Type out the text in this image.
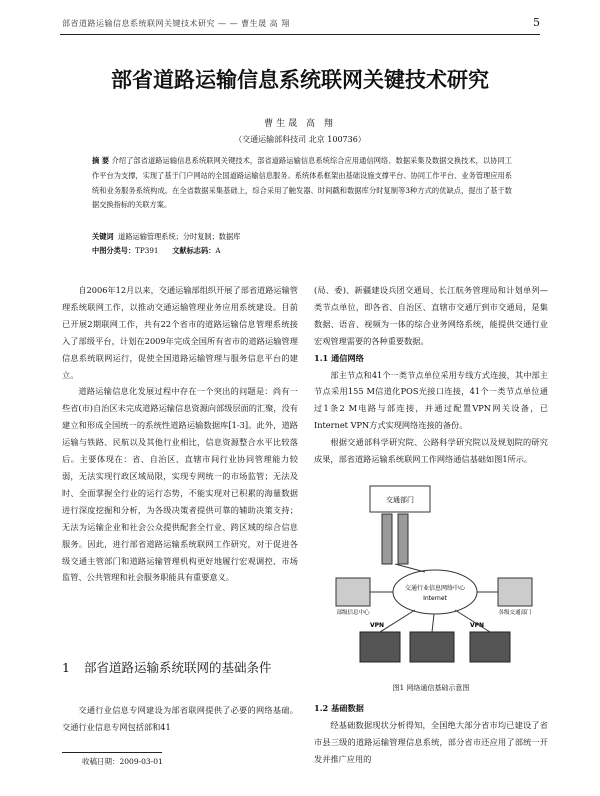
部省道路运输信息系统联网关键技术研究 — — 曹生晟 高 翔	5
部省道路运输信息系统联网关键技术研究
曹生晟 高 翔
（交通运输部科技司 北京 100736）
摘 要 介绍了部省道路运输信息系统联网关键技术，部省道路运输信息系统综合应用通信网络、数据采集及数据交换技术，以协同工作平台为支撑，实现了基于门户网站的全国道路运输信息服务。系统体系框架由基础设施支撑平台、协同工作平台、业务管理应用系统和业务服务系统构成。在全省数据采集基础上，综合采用了触发器、时间戳和数据库分时复制等3种方式的优缺点，提出了基于数据交换指标的关联方案。
关键词 道路运输管理系统；分时复制；数据库
中图分类号：TP391 文献标志码：A

自2006年12月以来，交通运输部组织开展了部省道路运输管理系统联网工作，以推动交通运输管理业务应用系统建设。目前已开展2期联网工作，共有22个省市的道路运输信息管理系统接入了部级平台，计划在2009年完成全国所有省市的道路运输管理信息系统联网运行，促使全国道路运输管理与服务信息平台的建立。

道路运输信息化发展过程中存在一个突出的问题是：尚有一些省(市)自治区未完成道路运输信息资源向部级层面的汇聚，没有建立和形成全国统一的系统性道路运输数据库[1-3]。此外，道路运输与铁路、民航以及其他行业相比，信息资源整合水平比较落后。主要体现在：省、自治区、直辖市间行业协同管理能力较弱，无法实现行政区域局限，实现专网统一的市场监管；无法及时、全面掌握全行业的运行态势，不能实现对已积累的海量数据进行深度挖掘和分析，为各级决策者提供可靠的辅助决策支持；无法为运输企业和社会公众提供配套全行业、跨区域的综合信息服务。因此，进行部省道路运输系统联网工作研究，对于促进各级交通主管部门和道路运输管理机构更好地履行宏观调控、市场监管、公共管理和社会服务职能具有重要意义。

1 部省道路运输系统联网的基础条件

交通行业信息专网建设为部省联网提供了必要的网络基础。交通行业信息专网包括部和41

(局、委)、新疆建设兵团交通局、长江航务管理局和计划单列—类节点单位，即各省、自治区、直辖市交通厅到市交通局，是集数据、语音、视频为一体的综合业务网络系统，能提供交通行业宏观管理需要的各种重要数据。

1.1 通信网络

部主节点和41个一类节点单位采用专线方式连接，其中部主节点采用155 M信道化POS光接口连接，41个一类节点单位通过1条2 M电路与部连接，并通过配置VPN网关设备，已Internet VPN方式实现网络连接的备份。

根据交通部科学研究院、公路科学研究院以及规划院的研究成果，部省道路运输系统联网工作网络通信基础如图1所示。

交通部门
交通行业信息网络中心
Internet
部级信息中心	各级交通部门
VPN	VPN
图1 网络通信基础示意图

1.2 基础数据

经基础数据现状分析得知，全国绝大部分省市均已建设了省市县三级的道路运输管理信息系统，部分省市还应用了部统一开发并推广应用的

收稿日期：2009-03-01
